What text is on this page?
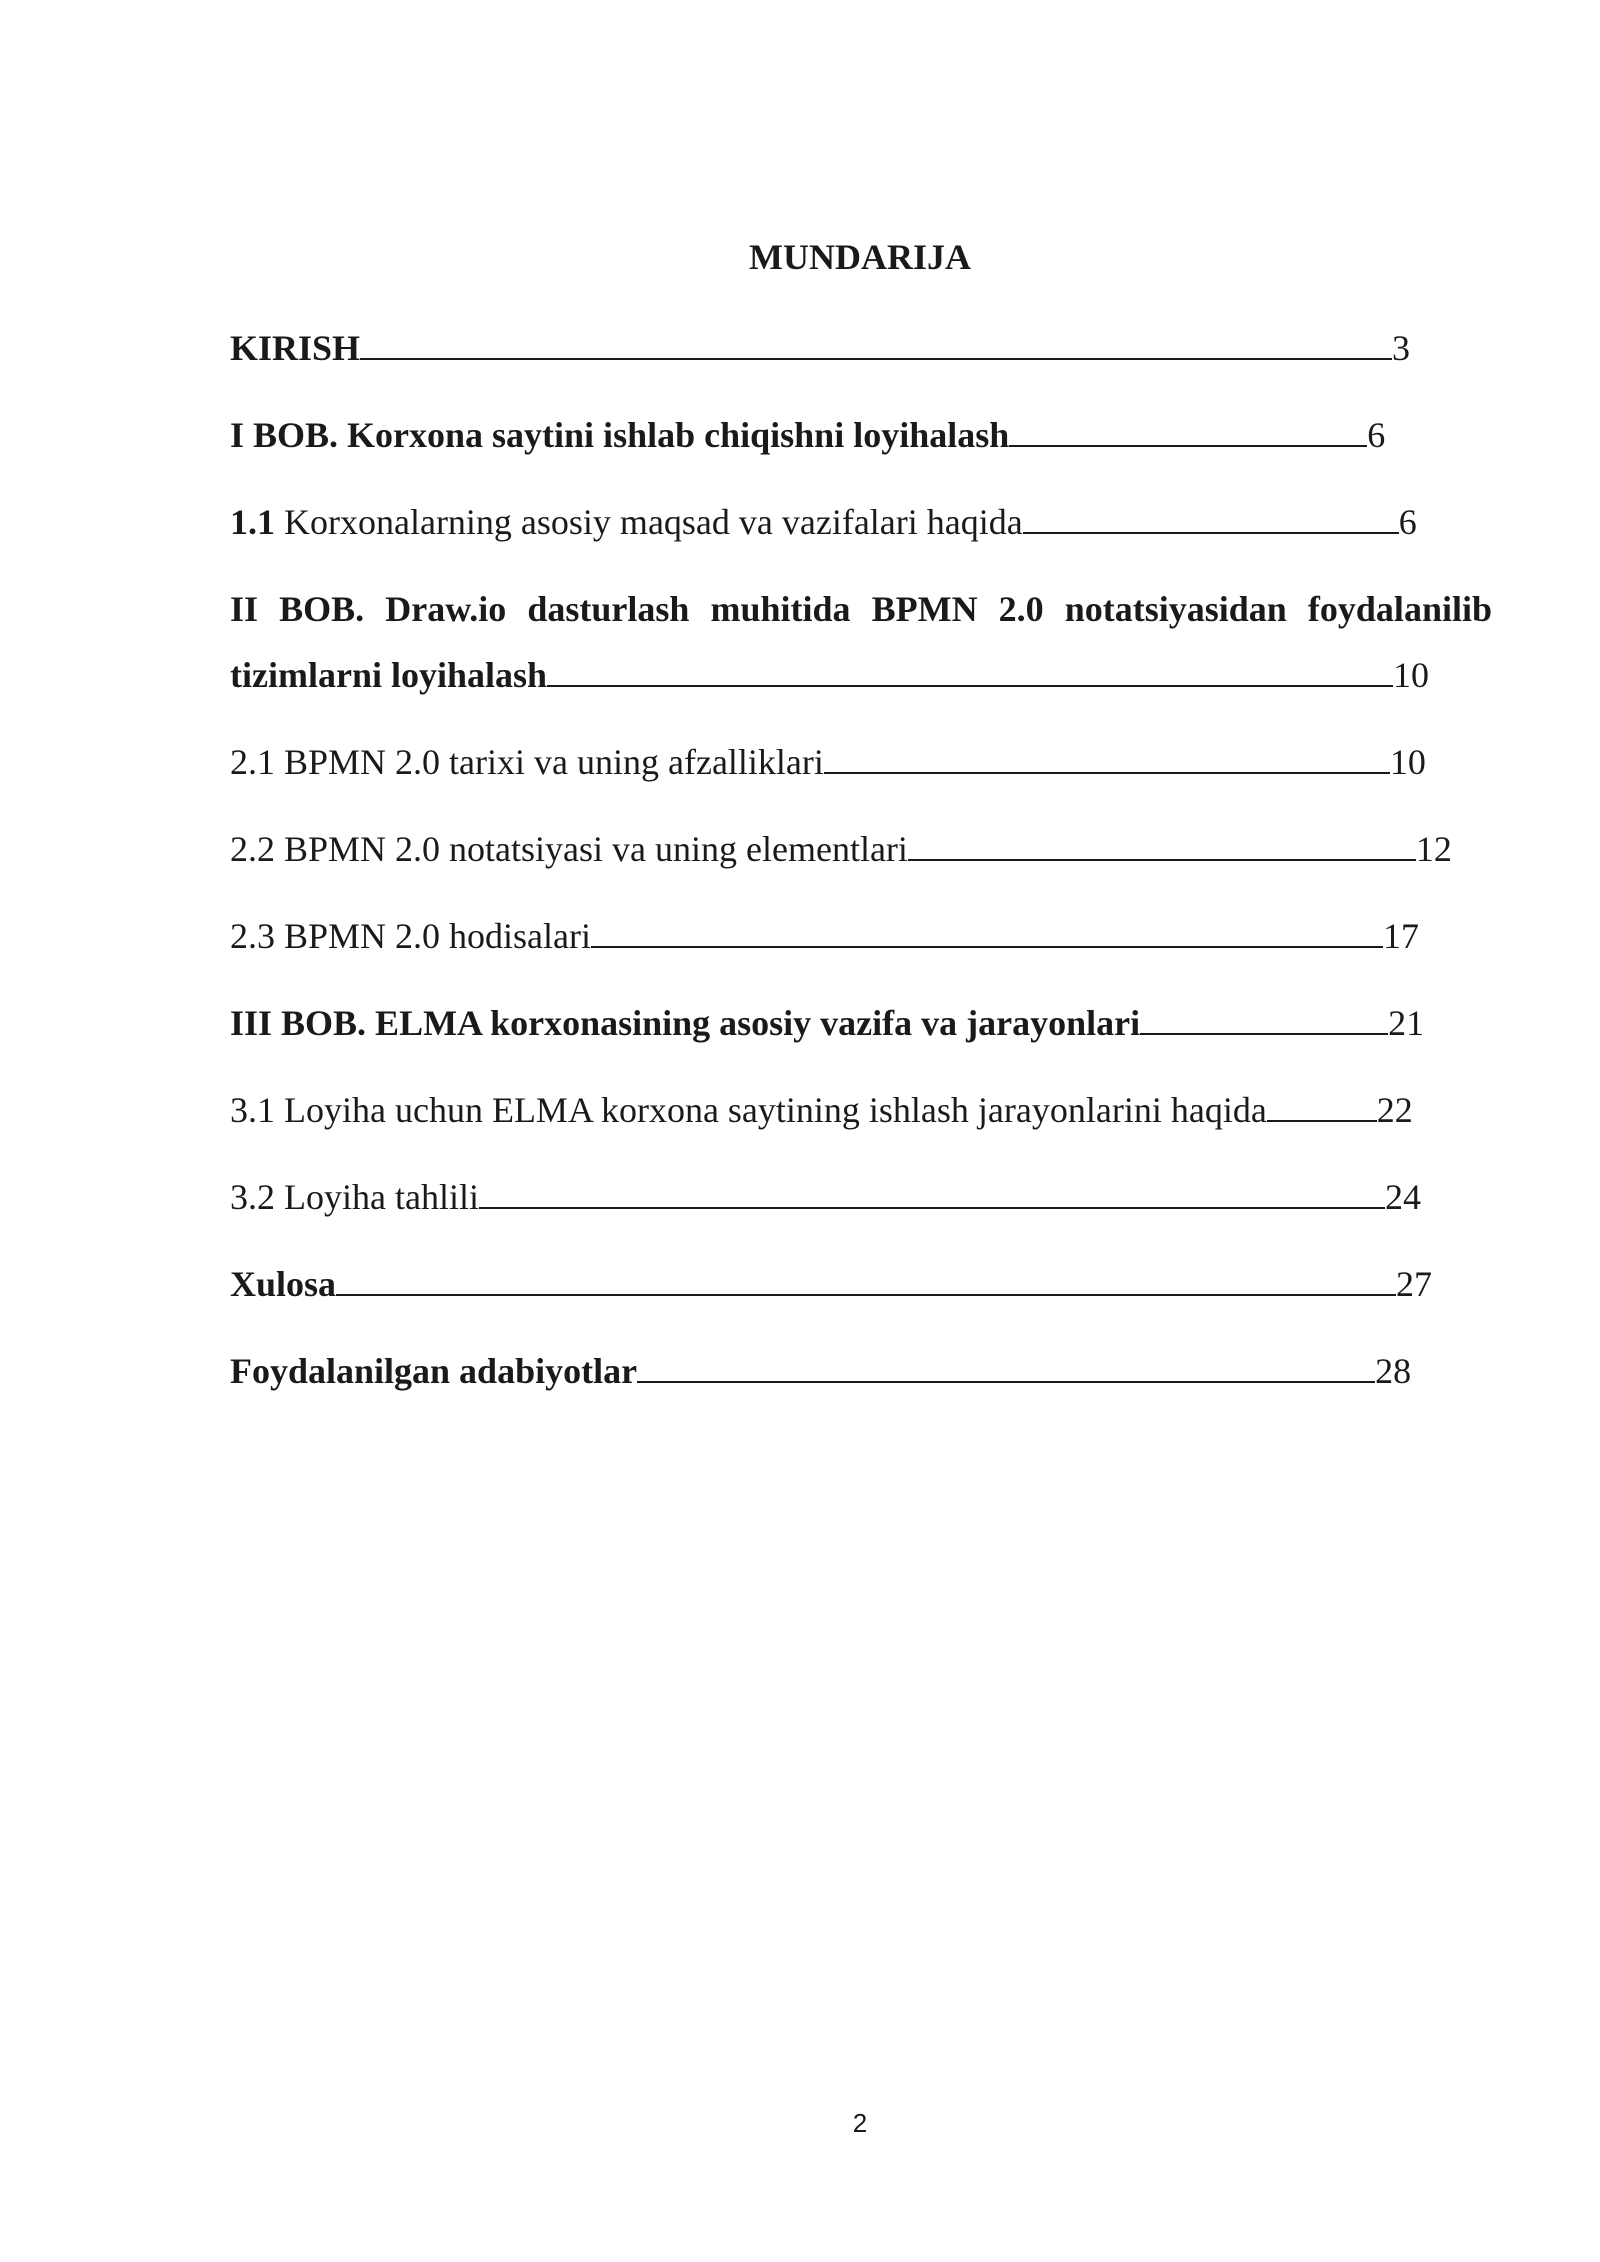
MUNDARIJA
KIRISH	3
I BOB. Korxona saytini ishlab chiqishni loyihalash	6
1.1 Korxonalarning asosiy maqsad va vazifalari haqida	6
II BOB. Draw.io dasturlash muhitida BPMN 2.0 notatsiyasidan foydalanilib
tizimlarni loyihalash	10
2.1 BPMN 2.0 tarixi va uning afzalliklari	10
2.2 BPMN 2.0 notatsiyasi va uning elementlari	12
2.3 BPMN 2.0 hodisalari	17
III BOB. ELMA korxonasining asosiy vazifa va jarayonlari	21
3.1 Loyiha uchun ELMA korxona saytining ishlash jarayonlarini haqida	22
3.2 Loyiha tahlili	24
Xulosa	27
Foydalanilgan adabiyotlar	28
2
